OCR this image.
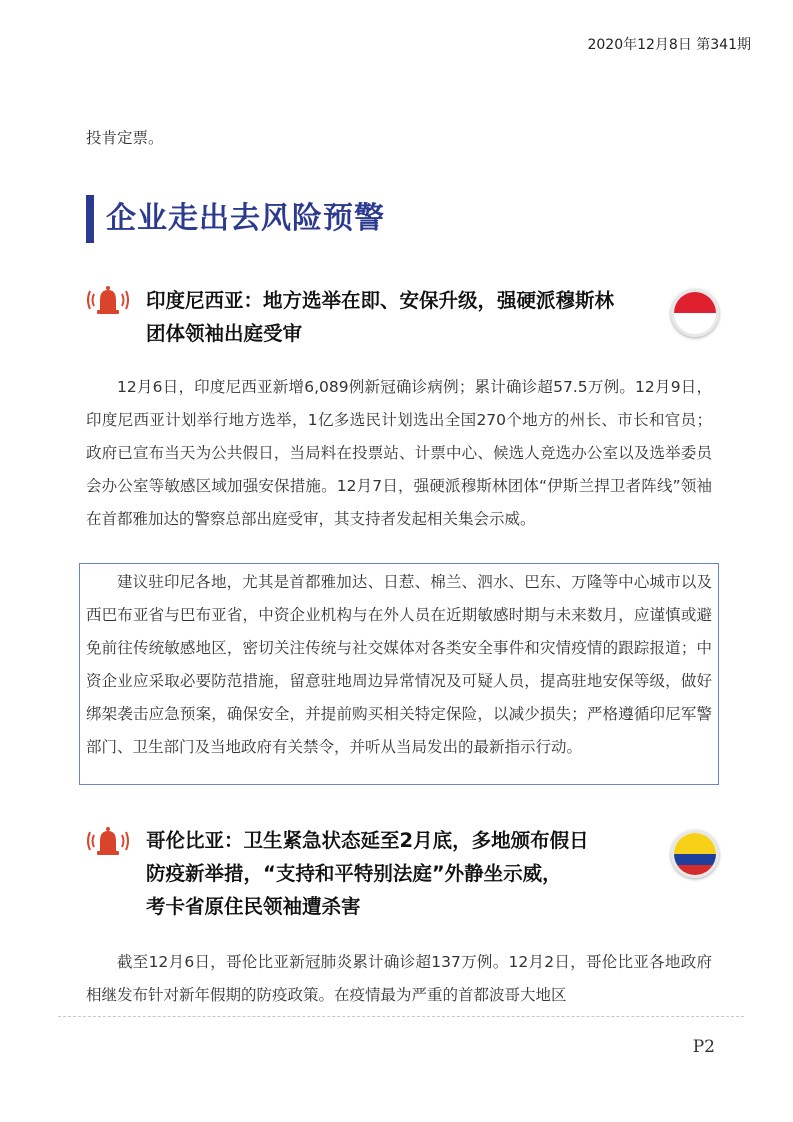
2020年12月8日 第341期
投肯定票。
企业走出去风险预警
印度尼西亚：地方选举在即、安保升级，强硬派穆斯林
团体领袖出庭受审
12月6日，印度尼西亚新增6,089例新冠确诊病例；累计确诊超57.5万例。12月9日，印度尼西亚计划举行地方选举，1亿多选民计划选出全国270个地方的州长、市长和官员；政府已宣布当天为公共假日，当局料在投票站、计票中心、候选人竞选办公室以及选举委员会办公室等敏感区域加强安保措施。12月7日，强硬派穆斯林团体“伊斯兰捍卫者阵线”领袖在首都雅加达的警察总部出庭受审，其支持者发起相关集会示威。
建议驻印尼各地，尤其是首都雅加达、日惹、棉兰、泗水、巴东、万隆等中心城市以及西巴布亚省与巴布亚省，中资企业机构与在外人员在近期敏感时期与未来数月，应谨慎或避免前往传统敏感地区，密切关注传统与社交媒体对各类安全事件和灾情疫情的跟踪报道；中资企业应采取必要防范措施，留意驻地周边异常情况及可疑人员，提高驻地安保等级，做好绑架袭击应急预案，确保安全，并提前购买相关特定保险，以减少损失；严格遵循印尼军警部门、卫生部门及当地政府有关禁令，并听从当局发出的最新指示行动。
哥伦比亚：卫生紧急状态延至2月底，多地颁布假日
防疫新举措，“支持和平特别法庭”外静坐示威，
考卡省原住民领袖遭杀害
截至12月6日，哥伦比亚新冠肺炎累计确诊超137万例。12月2日，哥伦比亚各地政府相继发布针对新年假期的防疫政策。在疫情最为严重的首都波哥大地区
P2
